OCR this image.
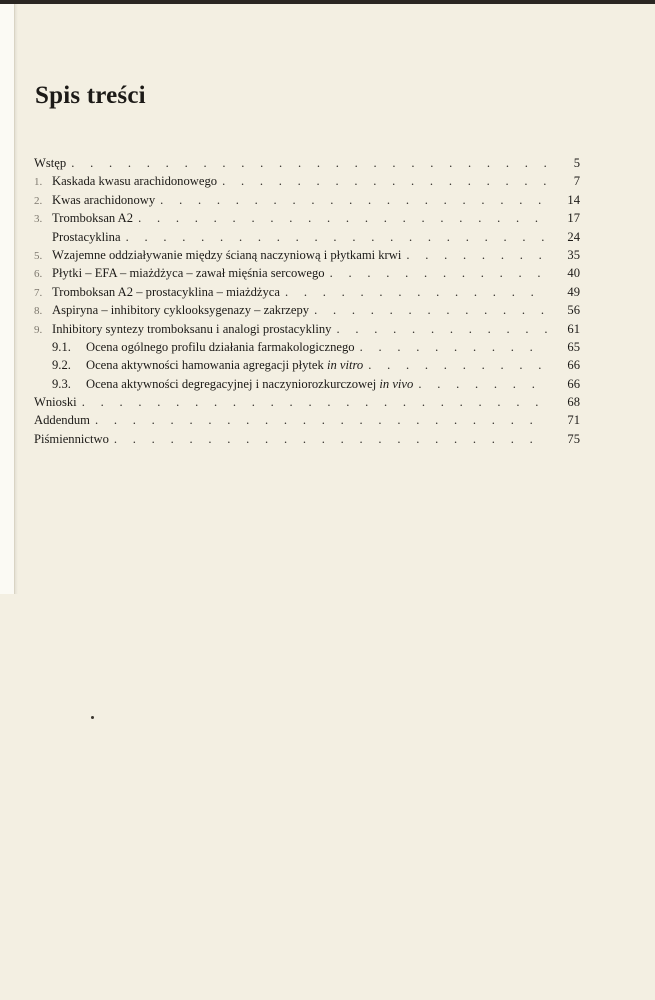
Spis treści
Wstęp . . .	5
1. Kaskada kwasu arachidonowego . . .	7
2. Kwas arachidonowy . . .	14
3. Tromboksan A2 . . .	17
Prostacyklina . . .	24
5. Wzajemne oddziaływanie między ścianą naczyniową i płytkami krwi . . .	35
6. Płytki – EFA – miażdżyca – zawał mięśnia sercowego . . .	40
7. Tromboksan A2 – prostacyklina – miażdżyca . . .	49
8. Aspiryna – inhibitory cyklooksygenazy – zakrzepy . . .	56
9. Inhibitory syntezy tromboksanu i analogi prostacykliny . . .	61
9.1. Ocena ogólnego profilu działania farmakologicznego . . .	65
9.2. Ocena aktywności hamowania agregacji płytek in vitro . . .	66
9.3. Ocena aktywności degregacyjnej i naczyniorozkurczowej in vivo . . .	66
Wnioski . . .	68
Addendum . . .	71
Piśmiennictwo . . .	75
